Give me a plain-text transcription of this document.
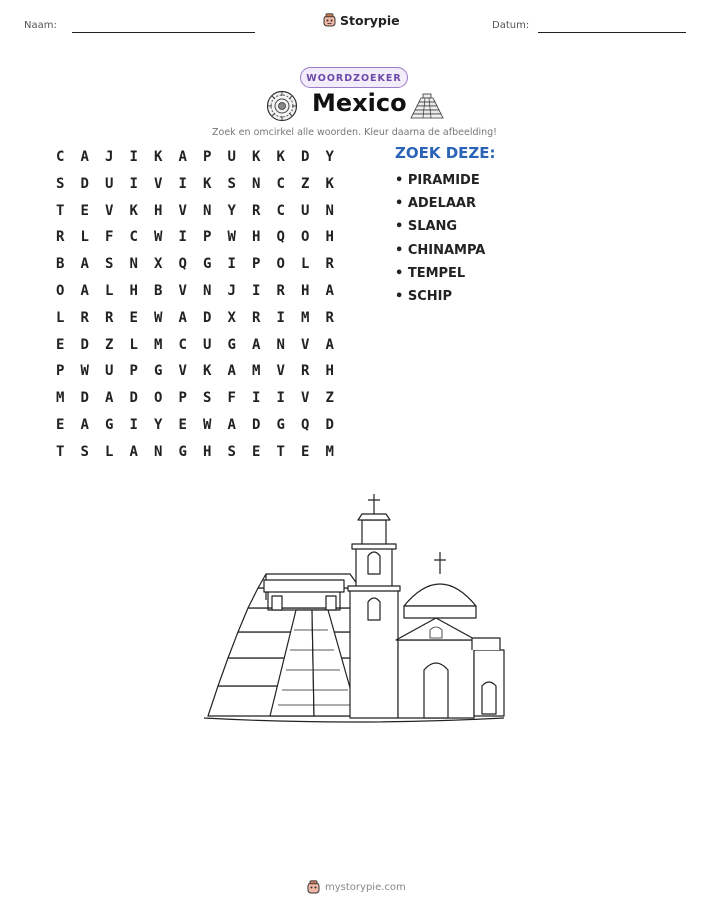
Naam:	Storypie	Datum:
WOORDZOEKER
Mexico
Zoek en omcirkel alle woorden. Kleur daarna de afbeelding!
C	A	J	I	K	A	P	U	K	K	D	Y
S	D	U	I	V	I	K	S	N	C	Z	K
T	E	V	K	H	V	N	Y	R	C	U	N
R	L	F	C	W	I	P	W	H	Q	O	H
B	A	S	N	X	Q	G	I	P	O	L	R
O	A	L	H	B	V	N	J	I	R	H	A
L	R	R	E	W	A	D	X	R	I	M	R
E	D	Z	L	M	C	U	G	A	N	V	A
P	W	U	P	G	V	K	A	M	V	R	H
M	D	A	D	O	P	S	F	I	I	V	Z
E	A	G	I	Y	E	W	A	D	G	Q	D
T	S	L	A	N	G	H	S	E	T	E	M
ZOEK DEZE:
• PIRAMIDE
• ADELAAR
• SLANG
• CHINAMPA
• TEMPEL
• SCHIP
mystorypie.com
